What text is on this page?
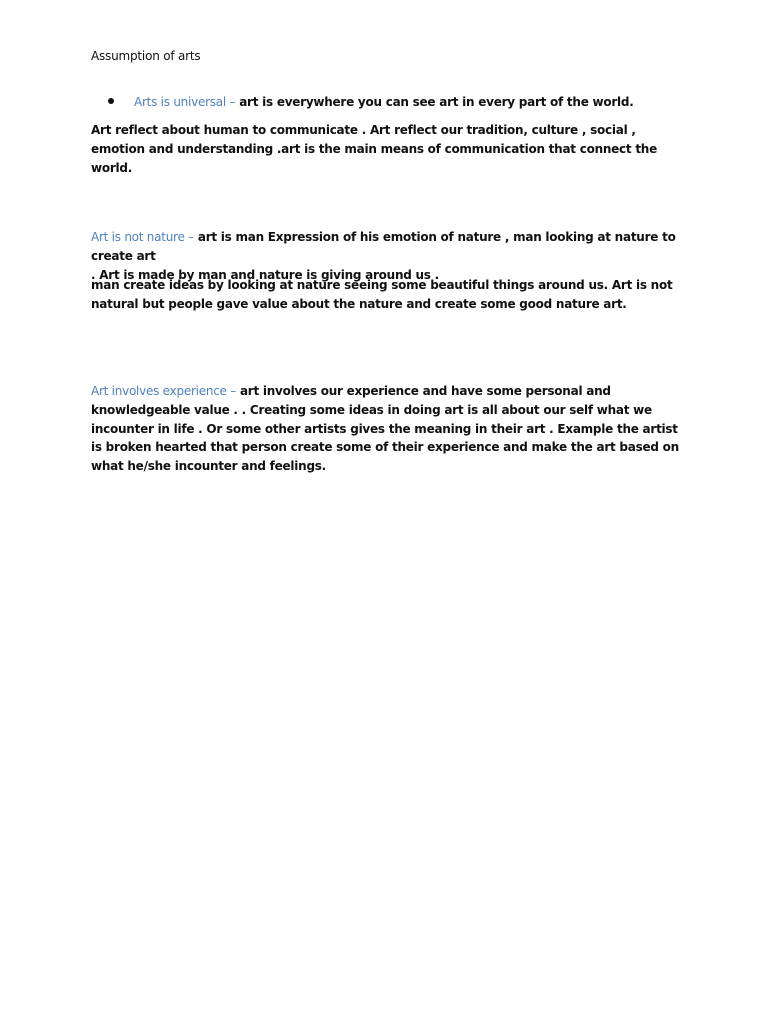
Assumption of arts
Arts is universal – art is everywhere you can see art in every part of the world.
Art reflect about human to communicate . Art reflect our tradition, culture , social , emotion and understanding .art is the main means of communication that connect the world.
Art is not nature – art is man Expression of his emotion of nature , man looking at nature to create art
. Art is made by man and nature is giving around us .
man create ideas by looking at nature seeing some beautiful things around us. Art is not natural but people gave value about the nature and create some good nature art.
Art involves experience – art involves our experience and have some personal and knowledgeable value . . Creating some ideas in doing art is all about our self what we incounter in life . Or some other artists gives the meaning in their art . Example the artist is broken hearted that person create some of their experience and make the art based on what he/she incounter and feelings.
